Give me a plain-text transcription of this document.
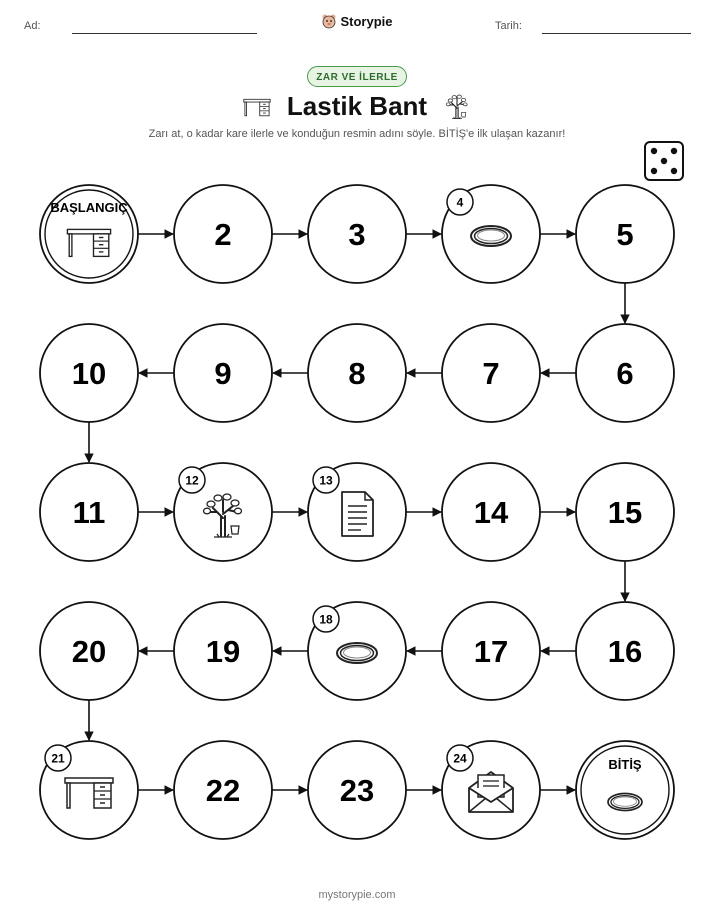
Ad:	Storypie	Tarih:
ZAR VE İLERLE
Lastik Bant
Zarı at, o kadar kare ilerle ve konduğun resmin adını söyle. BİTİŞ'e ilk ulaşan kazanır!
mystorypie.com
BAŞLANGIÇ
2	3
4
5
6
7
8
9
10
11
12	13
14	15
16
17
18
19
20
21
22	23
24	BİTİŞ
